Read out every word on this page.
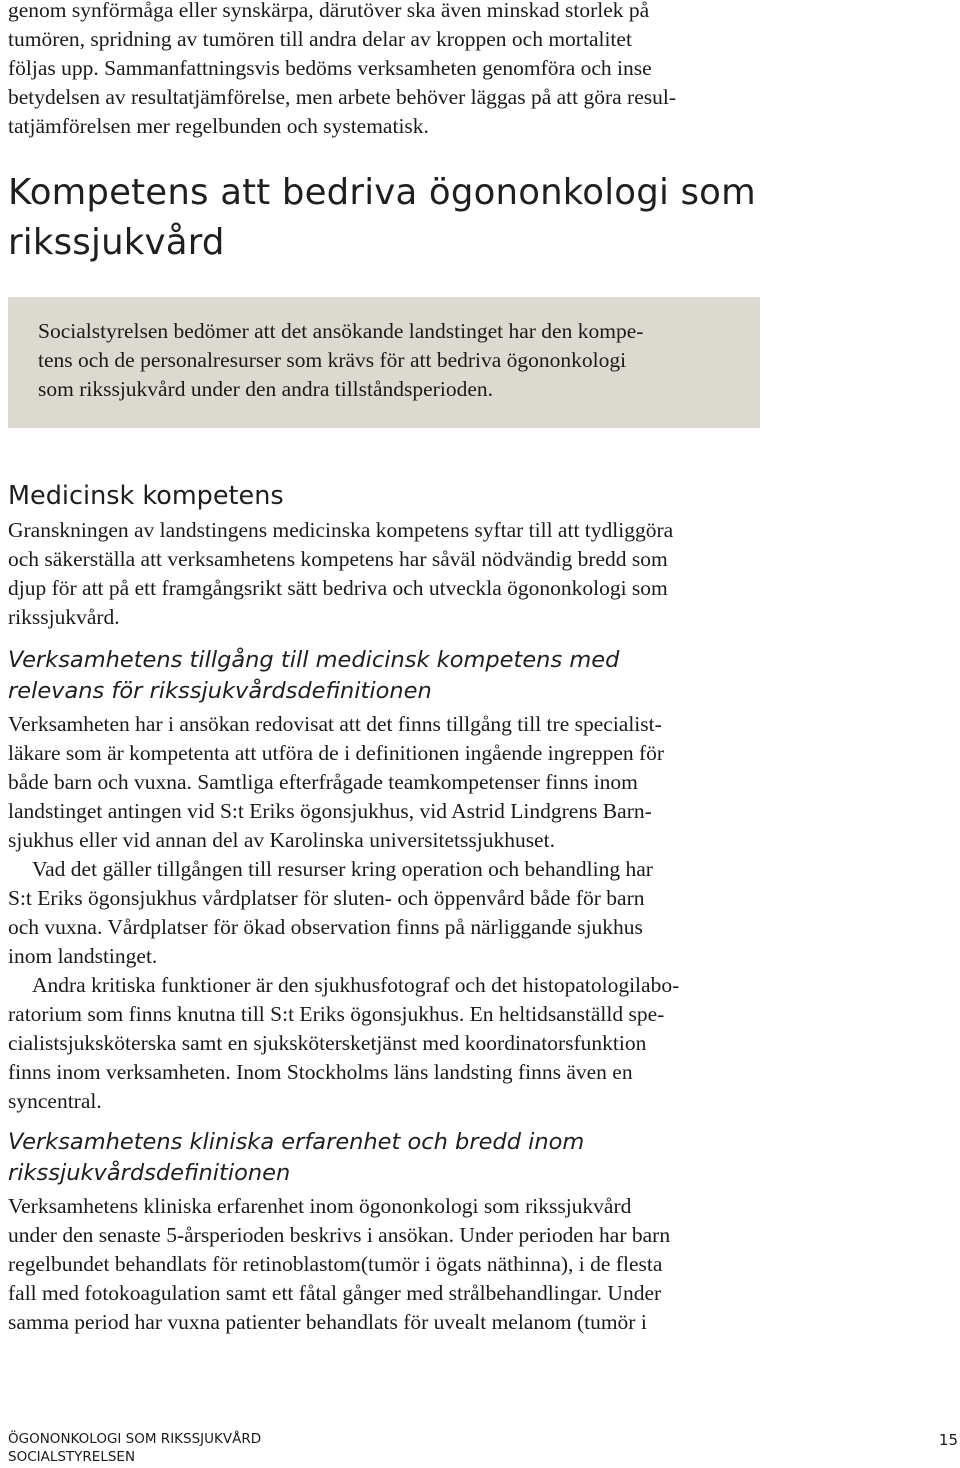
genom synförmåga eller synskärpa, därutöver ska även minskad storlek på
tumören, spridning av tumören till andra delar av kroppen och mortalitet
följas upp. Sammanfattningsvis bedöms verksamheten genomföra och inse
betydelsen av resultatjämförelse, men arbete behöver läggas på att göra resul-
tatjämförelsen mer regelbunden och systematisk.
Kompetens att bedriva ögononkologi som
rikssjukvård
Socialstyrelsen bedömer att det ansökande landstinget har den kompe-
tens och de personalresurser som krävs för att bedriva ögononkologi
som rikssjukvård under den andra tillståndsperioden.
Medicinsk kompetens
Granskningen av landstingens medicinska kompetens syftar till att tydliggöra
och säkerställa att verksamhetens kompetens har såväl nödvändig bredd som
djup för att på ett framgångsrikt sätt bedriva och utveckla ögononkologi som
rikssjukvård.
Verksamhetens tillgång till medicinsk kompetens med
relevans för rikssjukvårdsdefinitionen
Verksamheten har i ansökan redovisat att det finns tillgång till tre specialist-
läkare som är kompetenta att utföra de i definitionen ingående ingreppen för
både barn och vuxna. Samtliga efterfrågade teamkompetenser finns inom
landstinget antingen vid S:t Eriks ögonsjukhus, vid Astrid Lindgrens Barn-
sjukhus eller vid annan del av Karolinska universitetssjukhuset.
Vad det gäller tillgången till resurser kring operation och behandling har
S:t Eriks ögonsjukhus vårdplatser för sluten- och öppenvård både för barn
och vuxna. Vårdplatser för ökad observation finns på närliggande sjukhus
inom landstinget.
Andra kritiska funktioner är den sjukhusfotograf och det histopatologilabo-
ratorium som finns knutna till S:t Eriks ögonsjukhus. En heltidsanställd spe-
cialistsjuksköterska samt en sjukskötersketjänst med koordinatorsfunktion
finns inom verksamheten. Inom Stockholms läns landsting finns även en
syncentral.
Verksamhetens kliniska erfarenhet och bredd inom
rikssjukvårdsdefinitionen
Verksamhetens kliniska erfarenhet inom ögononkologi som rikssjukvård
under den senaste 5-årsperioden beskrivs i ansökan. Under perioden har barn
regelbundet behandlats för retinoblastom(tumör i ögats näthinna), i de flesta
fall med fotokoagulation samt ett fåtal gånger med strålbehandlingar. Under
samma period har vuxna patienter behandlats för uvealt melanom (tumör i
ÖGONONKOLOGI SOM RIKSSJUKVÅRD
SOCIALSTYRELSEN
15
